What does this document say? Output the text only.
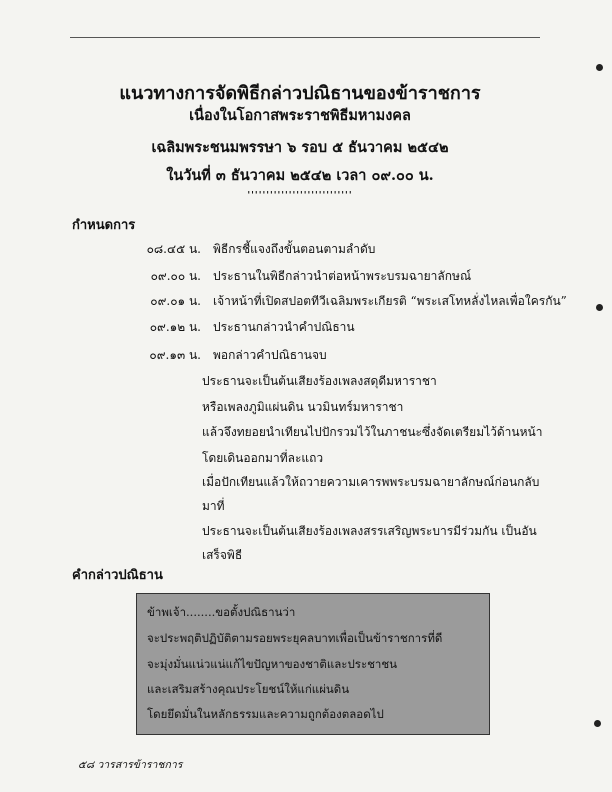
แนวทางการจัดพิธีกล่าวปณิธานของข้าราชการ
เนื่องในโอกาสพระราชพิธีมหามงคล
เฉลิมพระชนมพรรษา ๖ รอบ ๕ ธันวาคม ๒๕๔๒
ในวันที่ ๓ ธันวาคม ๒๕๔๒ เวลา ๐๙.๐๐ น.
''''''''''''''''''''''''''''
กำหนดการ
๐๘.๔๕ น. พิธีกรชี้แจงถึงขั้นตอนตามลำดับ
๐๙.๐๐ น. ประธานในพิธีกล่าวนำต่อหน้าพระบรมฉายาลักษณ์
๐๙.๐๑ น. เจ้าหน้าที่เปิดสปอตทีวีเฉลิมพระเกียรติ “พระเสโทหลั่งไหลเพื่อใครกัน”
๐๙.๑๒ น. ประธานกล่าวนำคำปณิธาน
๐๙.๑๓ น. พอกล่าวคำปณิธานจบ
ประธานจะเป็นต้นเสียงร้องเพลงสดุดีมหาราชา
หรือเพลงภูมิแผ่นดิน นวมินทร์มหาราชา
แล้วจึงทยอยนำเทียนไปปักรวมไว้ในภาชนะซึ่งจัดเตรียมไว้ด้านหน้า
โดยเดินออกมาที่ละแถว
เมื่อปักเทียนแล้วให้ถวายความเคารพพระบรมฉายาลักษณ์ก่อนกลับ
มาที่
ประธานจะเป็นต้นเสียงร้องเพลงสรรเสริญพระบารมีร่วมกัน เป็นอัน
เสร็จพิธี
คำกล่าวปณิธาน
ข้าพเจ้า........ขอตั้งปณิธานว่า
จะประพฤติปฏิบัติตามรอยพระยุคลบาทเพื่อเป็นข้าราชการที่ดี
จะมุ่งมั่นแน่วแน่แก้ไขปัญหาของชาติและประชาชน
และเสริมสร้างคุณประโยชน์ให้แก่แผ่นดิน
โดยยึดมั่นในหลักธรรมและความถูกต้องตลอดไป
๕๘ วารสารข้าราชการ
